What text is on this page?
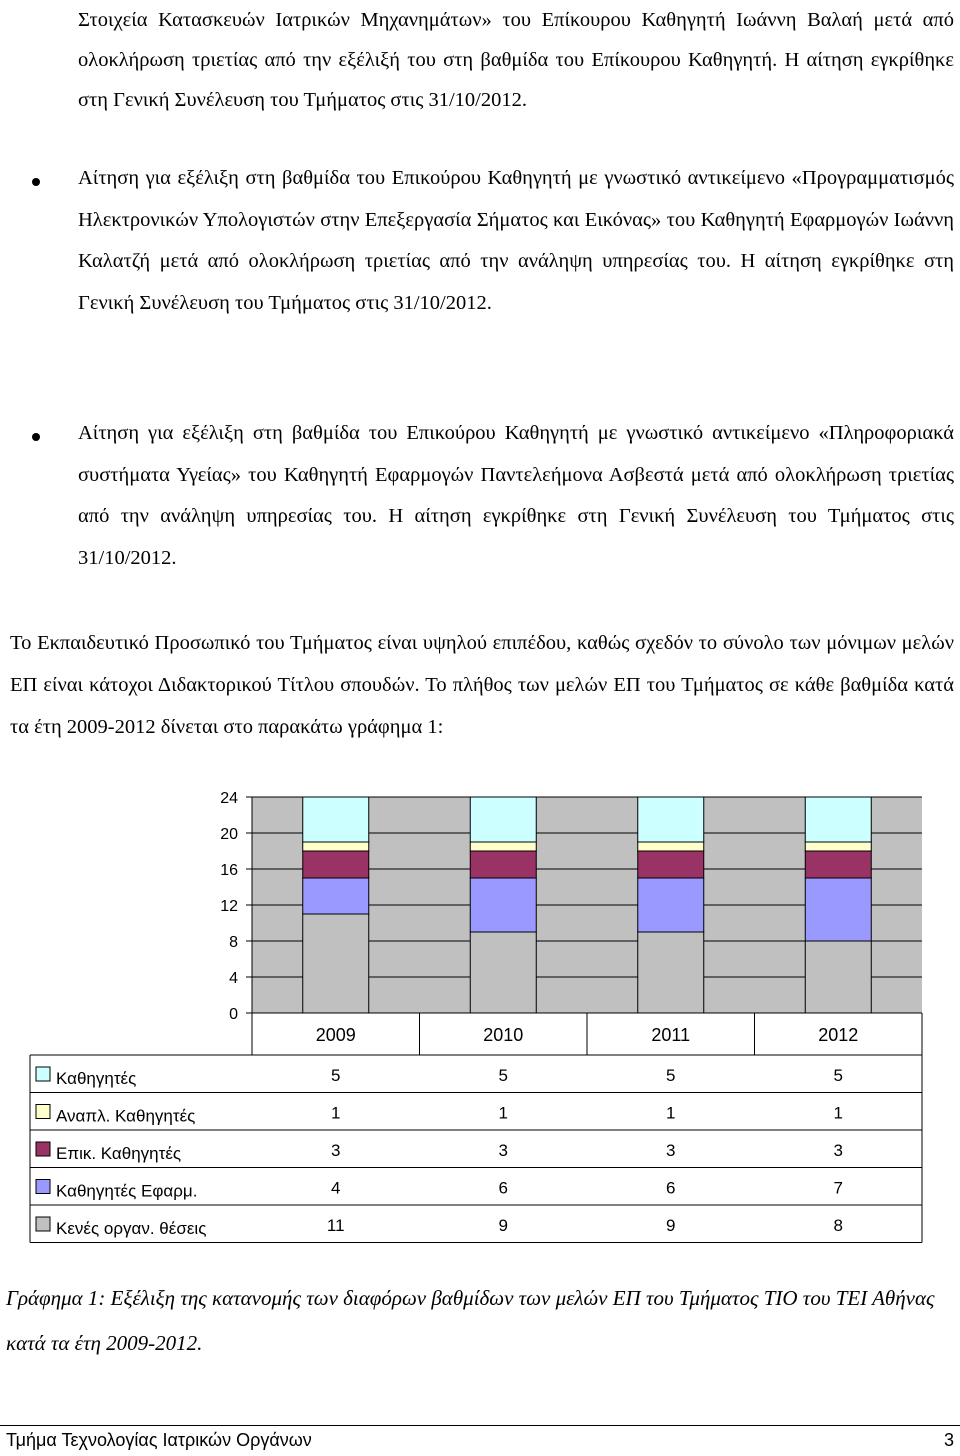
Στοιχεία Κατασκευών Ιατρικών Μηχανημάτων» του Επίκουρου Καθηγητή Ιωάννη Βαλαή μετά από ολοκλήρωση τριετίας από την εξέλιξή του στη βαθμίδα του Επίκουρου Καθηγητή. Η αίτηση εγκρίθηκε στη Γενική Συνέλευση του Τμήματος στις 31/10/2012.
Αίτηση για εξέλιξη στη βαθμίδα του Επικούρου Καθηγητή με γνωστικό αντικείμενο «Προγραμματισμός Ηλεκτρονικών Υπολογιστών στην Επεξεργασία Σήματος και Εικόνας» του Καθηγητή Εφαρμογών Ιωάννη Καλατζή μετά από ολοκλήρωση τριετίας από την ανάληψη υπηρεσίας του. Η αίτηση εγκρίθηκε στη Γενική Συνέλευση του Τμήματος στις 31/10/2012.
Αίτηση για εξέλιξη στη βαθμίδα του Επικούρου Καθηγητή με γνωστικό αντικείμενο «Πληροφοριακά συστήματα Υγείας» του Καθηγητή Εφαρμογών Παντελεήμονα Ασβεστά μετά από ολοκλήρωση τριετίας από την ανάληψη υπηρεσίας του. Η αίτηση εγκρίθηκε στη Γενική Συνέλευση του Τμήματος στις 31/10/2012.
Το Εκπαιδευτικό Προσωπικό του Τμήματος είναι υψηλού επιπέδου, καθώς σχεδόν το σύνολο των μόνιμων μελών ΕΠ είναι κάτοχοι Διδακτορικού Τίτλου σπουδών. Το πλήθος των μελών ΕΠ του Τμήματος σε κάθε βαθμίδα κατά τα έτη 2009-2012 δίνεται στο παρακάτω γράφημα 1:
0
4
8
12
16
20
24
2009	2010	2011	2012
Καθηγητές	5	5	5	5
Αναπλ. Καθηγητές	1	1	1	1
Επικ. Καθηγητές	3	3	3	3
Καθηγητές Εφαρμ.	4	6	6	7
Κενές οργαν. θέσεις	11	9	9	8
Γράφημα 1: Εξέλιξη της κατανομής των διαφόρων βαθμίδων των μελών ΕΠ του Τμήματος ΤΙΟ του ΤΕΙ Αθήνας κατά τα έτη 2009-2012.
Τμήμα Τεχνολογίας Ιατρικών Οργάνων	3
